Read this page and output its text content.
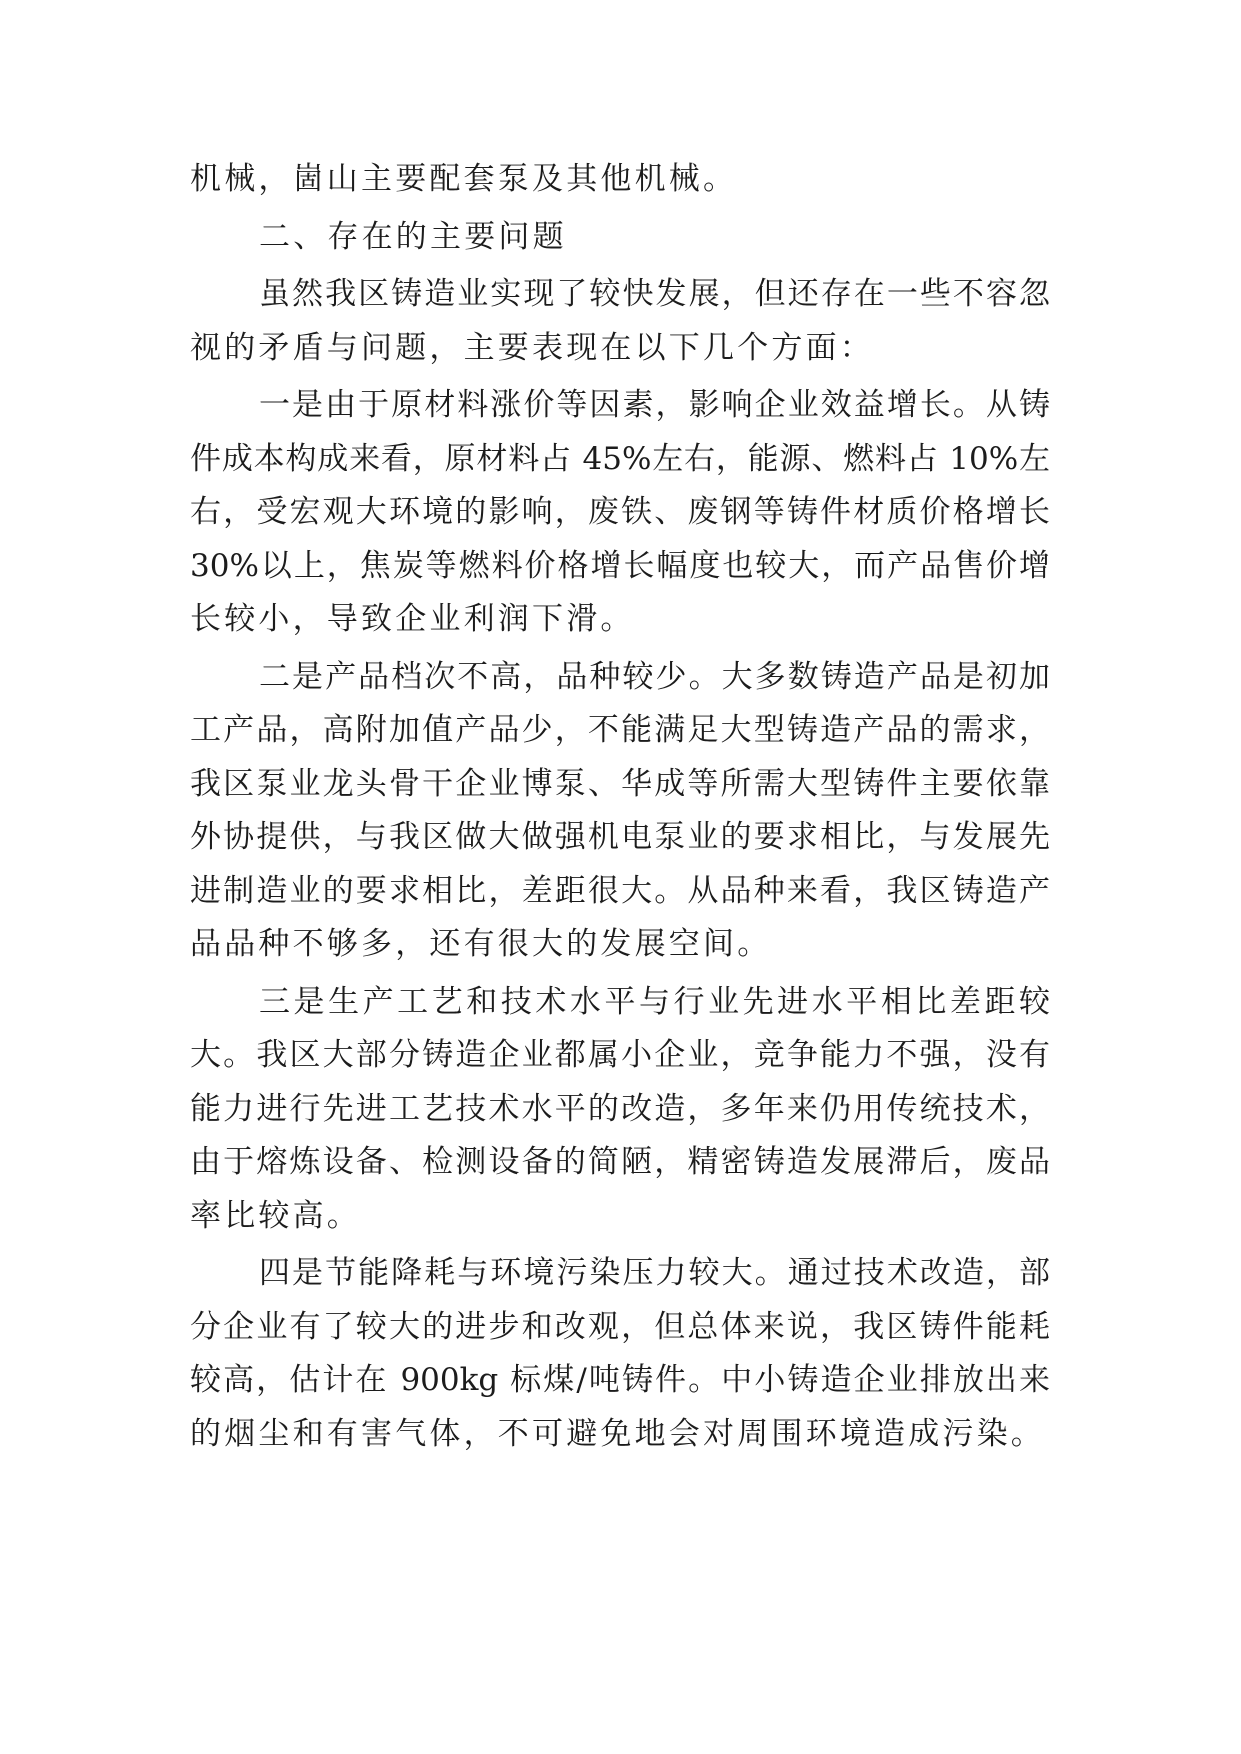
机械，崮山主要配套泵及其他机械。
二、存在的主要问题
虽然我区铸造业实现了较快发展，但还存在一些不容忽
视的矛盾与问题，主要表现在以下几个方面：
一是由于原材料涨价等因素，影响企业效益增长。从铸
件成本构成来看，原材料占 45%左右，能源、燃料占 10%左
右，受宏观大环境的影响，废铁、废钢等铸件材质价格增长
30%以上，焦炭等燃料价格增长幅度也较大，而产品售价增
长较小，导致企业利润下滑。
二是产品档次不高，品种较少。大多数铸造产品是初加
工产品，高附加值产品少，不能满足大型铸造产品的需求，
我区泵业龙头骨干企业博泵、华成等所需大型铸件主要依靠
外协提供，与我区做大做强机电泵业的要求相比，与发展先
进制造业的要求相比，差距很大。从品种来看，我区铸造产
品品种不够多，还有很大的发展空间。
三是生产工艺和技术水平与行业先进水平相比差距较
大。我区大部分铸造企业都属小企业，竞争能力不强，没有
能力进行先进工艺技术水平的改造，多年来仍用传统技术，
由于熔炼设备、检测设备的简陋，精密铸造发展滞后，废品
率比较高。
四是节能降耗与环境污染压力较大。通过技术改造，部
分企业有了较大的进步和改观，但总体来说，我区铸件能耗
较高，估计在 900kg 标煤/吨铸件。中小铸造企业排放出来
的烟尘和有害气体，不可避免地会对周围环境造成污染。
